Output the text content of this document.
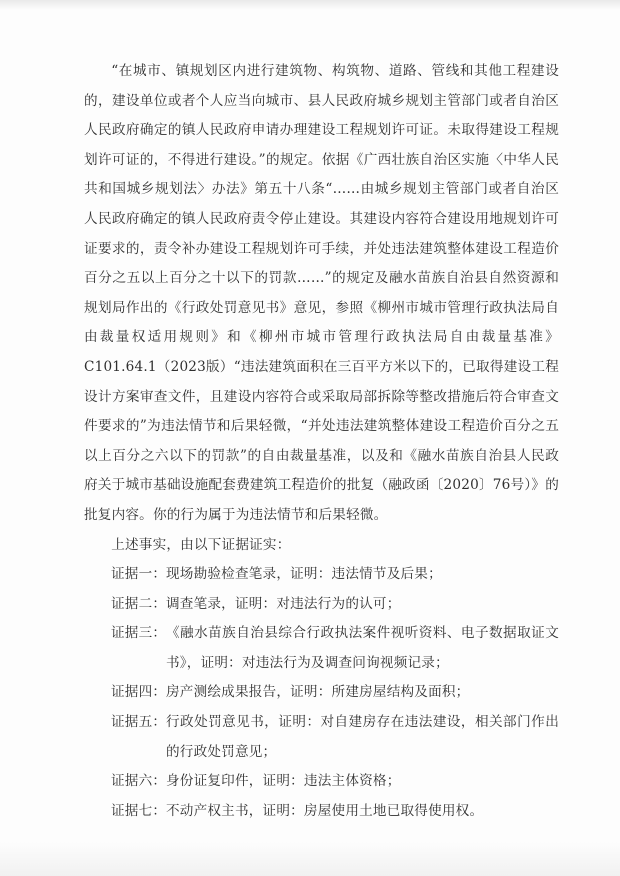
“在城市、镇规划区内进行建筑物、构筑物、道路、管线和其他工程建设的，建设单位或者个人应当向城市、县人民政府城乡规划主管部门或者自治区人民政府确定的镇人民政府申请办理建设工程规划许可证。未取得建设工程规划许可证的，不得进行建设。”的规定。依据《广西壮族自治区实施〈中华人民共和国城乡规划法〉办法》第五十八条“……由城乡规划主管部门或者自治区人民政府确定的镇人民政府责令停止建设。其建设内容符合建设用地规划许可证要求的，责令补办建设工程规划许可手续，并处违法建筑整体建设工程造价百分之五以上百分之十以下的罚款……”的规定及融水苗族自治县自然资源和规划局作出的《行政处罚意见书》意见，参照《柳州市城市管理行政执法局自由裁量权适用规则》和《柳州市城市管理行政执法局自由裁量基准》C101.64.1（2023版）“违法建筑面积在三百平方米以下的，已取得建设工程设计方案审查文件，且建设内容符合或采取局部拆除等整改措施后符合审查文件要求的”为违法情节和后果轻微，“并处违法建筑整体建设工程造价百分之五以上百分之六以下的罚款”的自由裁量基准，以及和《融水苗族自治县人民政府关于城市基础设施配套费建筑工程造价的批复（融政函〔2020〕76号）》的批复内容。你的行为属于为违法情节和后果轻微。

上述事实，由以下证据证实：

证据一： 现场勘验检查笔录，证明：违法情节及后果；
证据二： 调查笔录，证明：对违法行为的认可；
证据三： 《融水苗族自治县综合行政执法案件视听资料、电子数据取证文书》，证明：对违法行为及调查问询视频记录；
证据四： 房产测绘成果报告，证明：所建房屋结构及面积；
证据五： 行政处罚意见书，证明：对自建房存在违法建设，相关部门作出的行政处罚意见；
证据六： 身份证复印件，证明：违法主体资格；
证据七： 不动产权主书，证明：房屋使用土地已取得使用权。
